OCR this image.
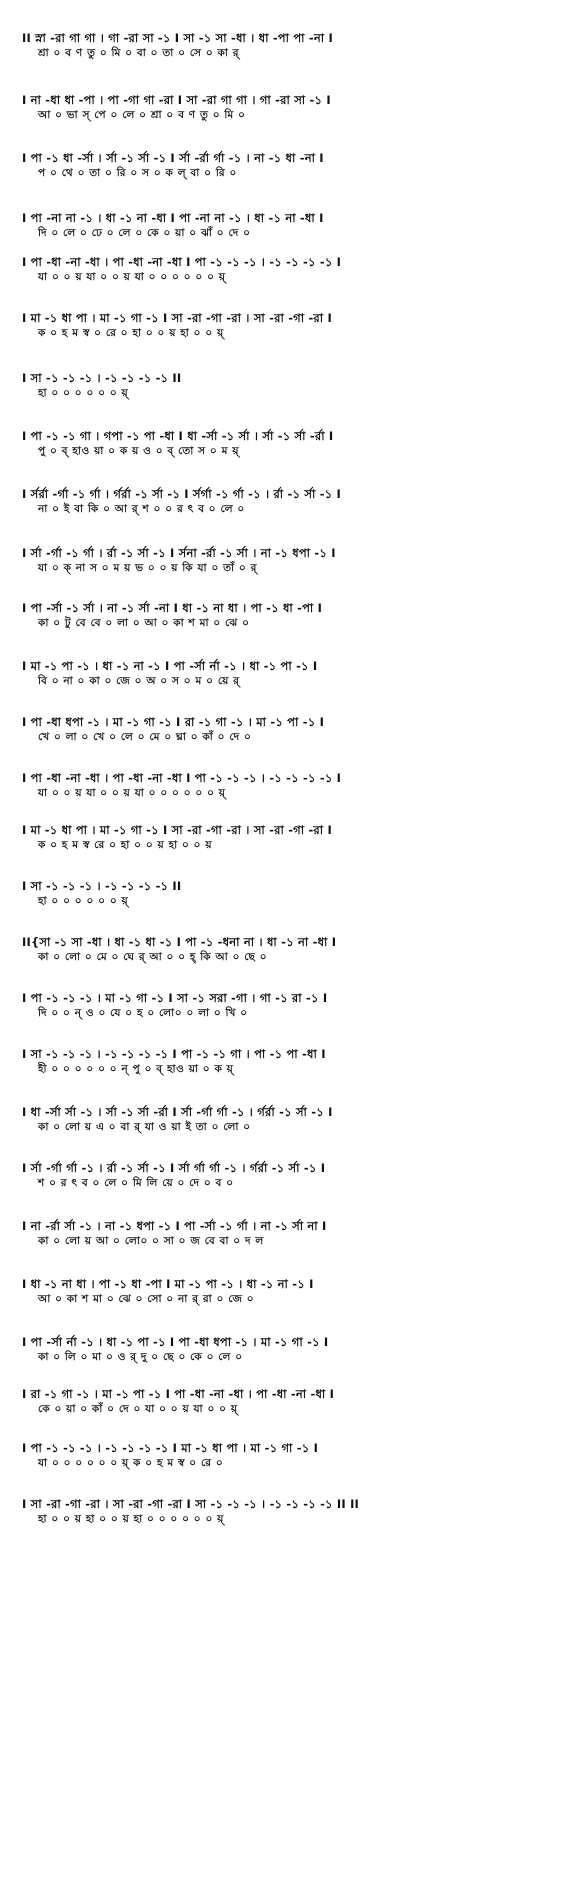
II স্না -রা গা গা । গা -রা সা -১ I সা -১ সা -ধা । ধা -পা পা -না I
শ্রা ০ ব ণ তু ০ মি ০ বা ০ তা ০ সে ০ কা র্
I না -ধা ধা -পা । পা -গা গা -রা I সা -রা গা গা । গা -রা সা -১ I
আ ০ ভা স্ পে ০ লে ০ শ্রা ০ ব ণ তু ০ মি ০
I পা -১ ধা -র্সা । র্সা -১ র্সা -১ I র্সা -র্রা র্গা -১ । না -১ ধা -না I
প ০ থে ০ তা ০ রি ০ স ০ ক ল্ বা ০ রি ০
I পা -না না -১ । ধা -১ না -ধা I পা -না না -১ । ধা -১ না -ধা I
দি ০ লে ০ ঢে ০ লে ০ কে ০ য়া ০ ঝাঁ ০ দে ০
I পা -ধা -না -ধা । পা -ধা -না -ধা I পা -১ -১ -১ । -১ -১ -১ -১ I
যা ০ ০ য় যা ০ ০ য় যা ০ ০ ০ ০ ০ ০ য়্
I মা -১ ধা পা । মা -১ গা -১ I সা -রা -গা -রা । সা -রা -গা -রা I
ক ০ হ ম স্ব ০ রে ০ হা ০ ০ য় হা ০ ০ য়্
I সা -১ -১ -১ । -১ -১ -১ -১ II
হা ০ ০ ০ ০ ০ ০ য়্
I পা -১ -১ গা । গপা -১ পা -ধা I ধা -র্সা -১ র্সা । র্সা -১ র্সা -র্রা I
পু ০ ব্ হাও য়া ০ ক য় ও ০ ব্ তো স ০ ম য়্
I র্সর্রা -র্গা -১ র্গা । র্গর্রা -১ র্সা -১ I র্সর্গা -১ র্গা -১ । র্রা -১ র্সা -১ I
না ০ ই বা কি ০ আ র্ শ ০ ০ র ৎ ব ০ লে ০
I র্সা -র্গা -১ র্গা । র্রা -১ র্সা -১ I র্সনা -র্রা -১ র্সা । না -১ ধপা -১ I
যা ০ ক্ না স ০ ম য় ভ ০ ০ য় কি যা ০ তাঁ ০ র্
I পা -র্সা -১ র্সা । না -১ র্সা -না I ধা -১ না ধা । পা -১ ধা -পা I
কা ০ টু বে বে ০ লা ০ আ ০ কা শ মা ০ ঝে ০
I মা -১ পা -১ । ধা -১ না -১ I পা -র্সা র্না -১ । ধা -১ পা -১ I
বি ০ না ০ কা ০ জে ০ অ ০ স ০ ম ০ য়ে র্
I পা -ধা ধপা -১ । মা -১ গা -১ I রা -১ গা -১ । মা -১ পা -১ I
খে ০ লা ০ খে ০ লে ০ মে ০ ঘ্না ০ কাঁ ০ দে ০
I পা -ধা -না -ধা । পা -ধা -না -ধা I পা -১ -১ -১ । -১ -১ -১ -১ I
যা ০ ০ য় যা ০ ০ য় যা ০ ০ ০ ০ ০ ০ য়্
I মা -১ ধা পা । মা -১ গা -১ I সা -রা -গা -রা । সা -রা -গা -রা I
ক ০ হ ম স্ব রে ০ হা ০ ০ য় হা ০ ০ য়
I সা -১ -১ -১ । -১ -১ -১ -১ II
হা ০ ০ ০ ০ ০ ০ য়্
II{সা -১ সা -ধা । ধা -১ ধা -১ I পা -১ -ধনা না । ধা -১ না -ধা I
কা ০ লো ০ মে ০ ঘে র্ আ ০ ০ হ্ কি আ ০ ছে ০
I পা -১ -১ -১ । মা -১ গা -১ I সা -১ সরা -গা । গা -১ রা -১ I
দি ০ ০ ন্ ও ০ যে ০ হ ০ লো০ ০ লা ০ খি ০
I সা -১ -১ -১ । -১ -১ -১ -১ I পা -১ -১ গা । পা -১ পা -ধা I
হী ০ ০ ০ ০ ০ ০ ন্ পু ০ ব্ হাও য়া ০ ক য়্
I ধা -র্সা র্সা -১ । র্সা -১ র্সা -র্রা I র্সা -র্গা র্গা -১ । র্গর্রা -১ র্সা -১ I
কা ০ লো য় এ ০ বা র্ যা ও য়া ই তা ০ লো ০
I র্সা -র্গা র্গা -১ । র্রা -১ র্সা -১ I র্সা র্গা র্গা -১ । র্গর্রা -১ র্সা -১ I
শ ০ র ৎ ব ০ লে ০ মি লি য়ে ০ দে ০ ব ০
I না -র্রা র্সা -১ । না -১ ধপা -১ I পা -র্সা -১ র্গা । না -১ র্সা না I
কা ০ লো য় আ ০ লো০ ০ সা ০ জ বে বা ০ দ ল
I ধা -১ না ধা । পা -১ ধা -পা I মা -১ পা -১ । ধা -১ না -১ I
আ ০ কা শ মা ০ ঝে ০ সো ০ না র্ রা ০ জে ০
I পা -র্সা র্না -১ । ধা -১ পা -১ I পা -ধা ধপা -১ । মা -১ গা -১ I
কা ০ লি ০ মা ০ ও র্ দু ০ ছে ০ কে ০ লে ০
I রা -১ গা -১ । মা -১ পা -১ I পা -ধা -না -ধা । পা -ধা -না -ধা I
কে ০ য়া ০ কাঁ ০ দে ০ যা ০ ০ য় যা ০ ০ য়্
I পা -১ -১ -১ । -১ -১ -১ -১ I মা -১ ধা পা । মা -১ গা -১ I
যা ০ ০ ০ ০ ০ ০ য়্ ক ০ হ ম স্ব ০ রে ০
I সা -রা -গা -রা । সা -রা -গা -রা I সা -১ -১ -১ । -১ -১ -১ -১ II II
হা ০ ০ য় হা ০ ০ য় হা ০ ০ ০ ০ ০ ০ য়্
